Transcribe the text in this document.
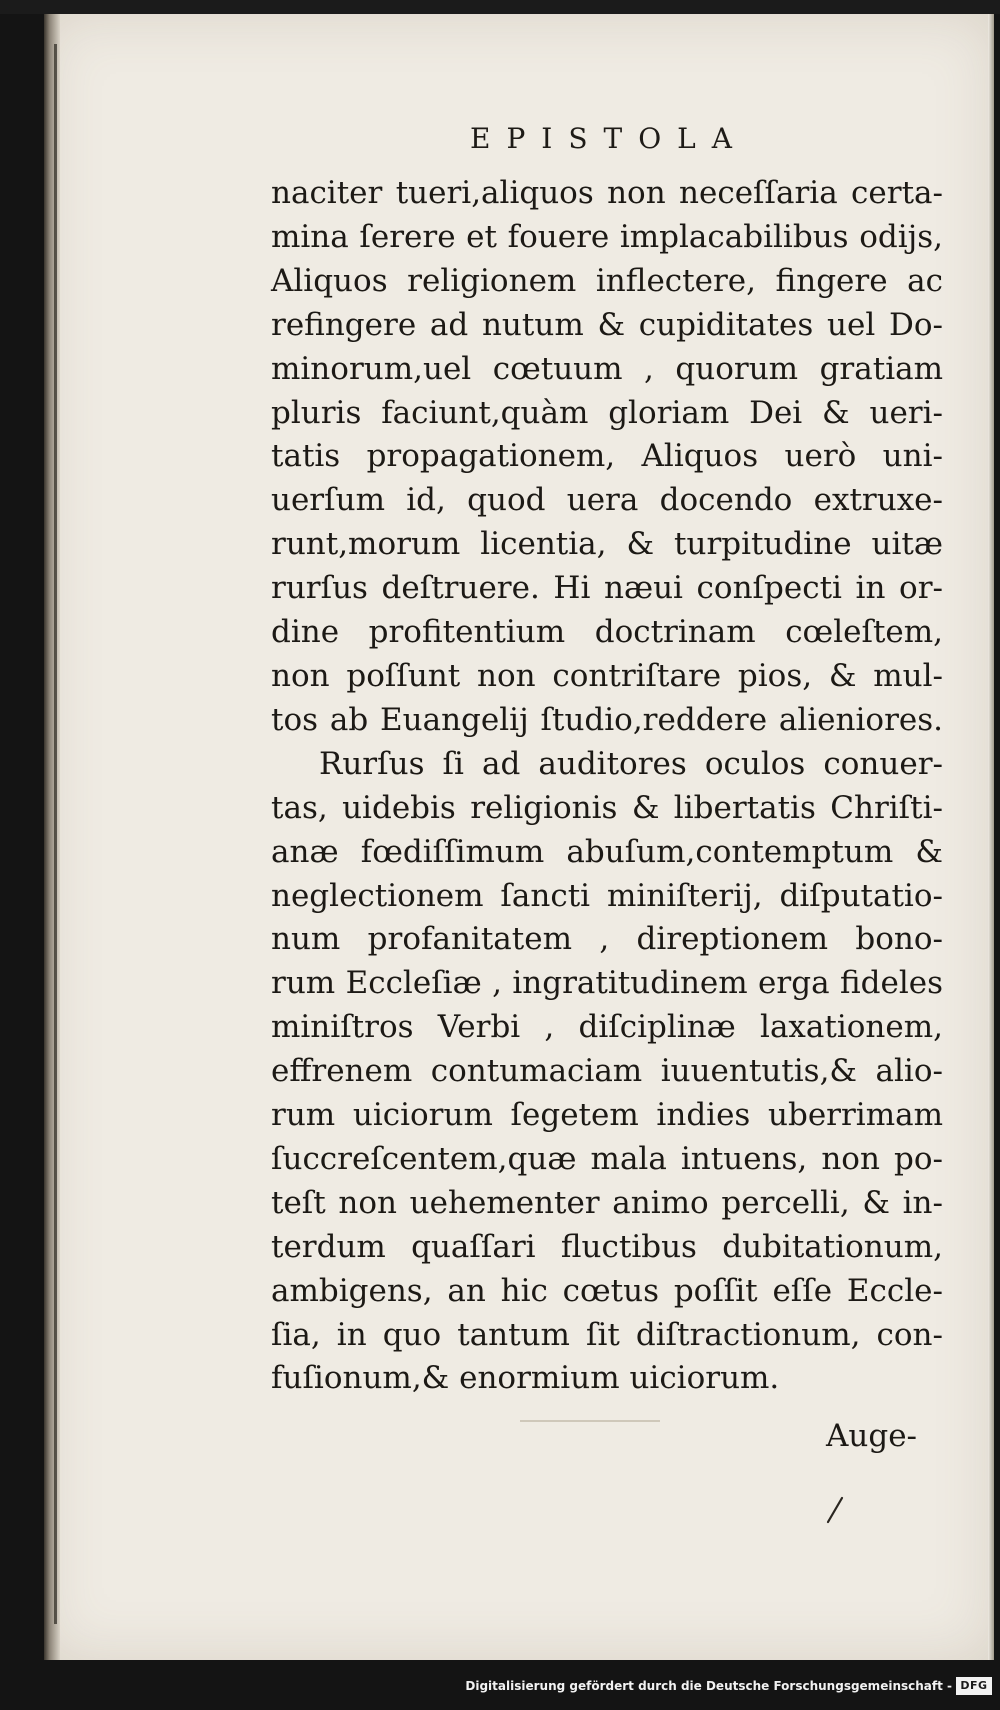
EPISTOLA
naciter tueri,aliquos non neceſſaria certa-
mina ſerere et fouere implacabilibus odijs,
Aliquos religionem inflectere, fingere ac
refingere ad nutum & cupiditates uel Do-
minorum,uel cœtuum , quorum gratiam
pluris faciunt,quàm gloriam Dei & ueri-
tatis propagationem, Aliquos uerò uni-
uerſum id, quod uera docendo extruxe-
runt,morum licentia, & turpitudine uitæ
rurſus deſtruere. Hi næui conſpecti in or-
dine profitentium doctrinam cœleſtem,
non poſſunt non contriſtare pios, & mul-
tos ab Euangelij ſtudio,reddere alieniores.
Rurſus ſi ad auditores oculos conuer-
tas, uidebis religionis & libertatis Chriſti-
anæ fœdiſſimum abuſum,contemptum &
neglectionem ſancti miniſterij, diſputatio-
num profanitatem , direptionem bono-
rum Eccleſiæ , ingratitudinem erga fideles
miniſtros Verbi , diſciplinæ laxationem,
effrenem contumaciam iuuentutis,& alio-
rum uiciorum ſegetem indies uberrimam
ſuccreſcentem,quæ mala intuens, non po-
teſt non uehementer animo percelli, & in-
terdum quaſſari fluctibus dubitationum,
ambigens, an hic cœtus poſſit eſſe Eccle-
ſia, in quo tantum ſit diſtractionum, con-
fuſionum,& enormium uiciorum.
Auge-
Digitalisierung gefördert durch die Deutsche Forschungsgemeinschaft - DFG
